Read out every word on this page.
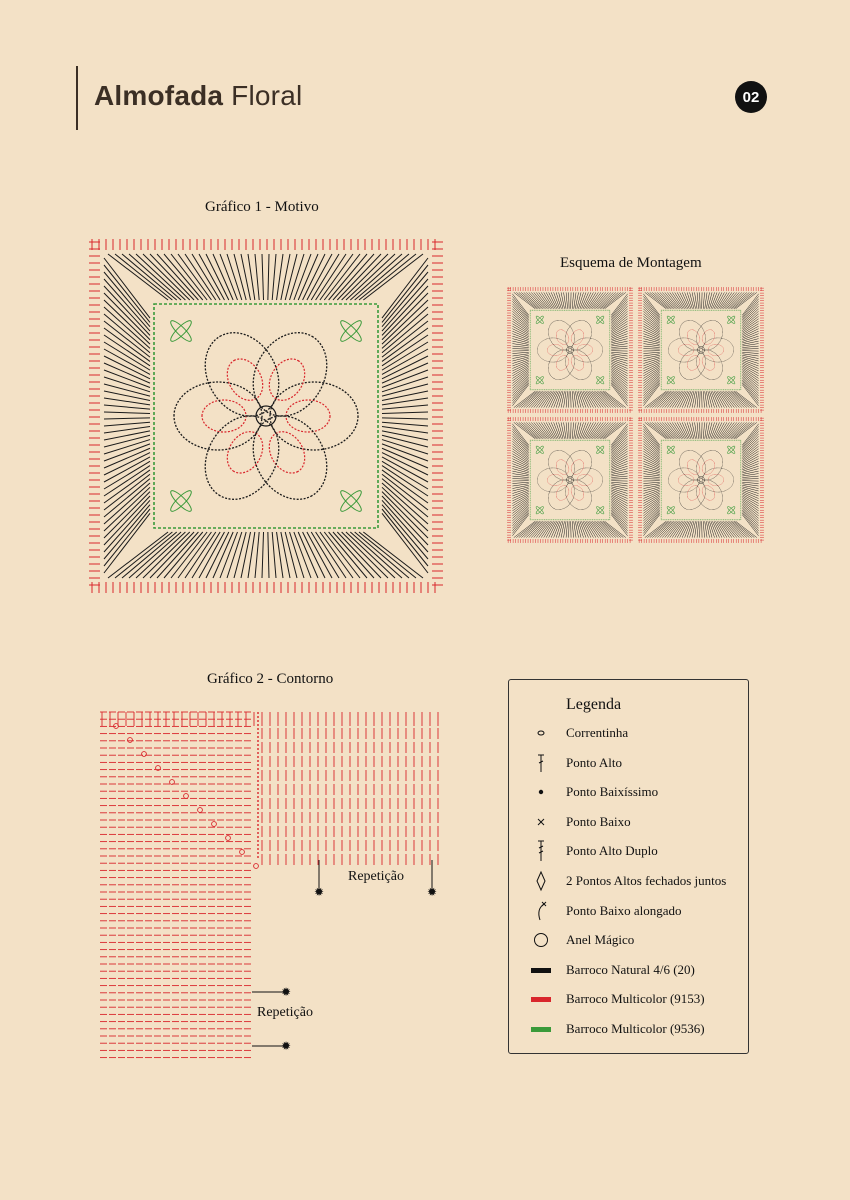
Almofada Floral	02
Gráfico 1 - Motivo
Esquema de Montagem
Gráfico 2 - Contorno
✹	✹
✹
✹
Repetição
Repetição
Legenda
Correntinha
Ponto Alto
Ponto Baixíssimo
Ponto Baixo
Ponto Alto Duplo
2 Pontos Altos fechados juntos
Ponto Baixo alongado
Anel Mágico
Barroco Natural 4/6 (20)
Barroco Multicolor (9153)
Barroco Multicolor (9536)
